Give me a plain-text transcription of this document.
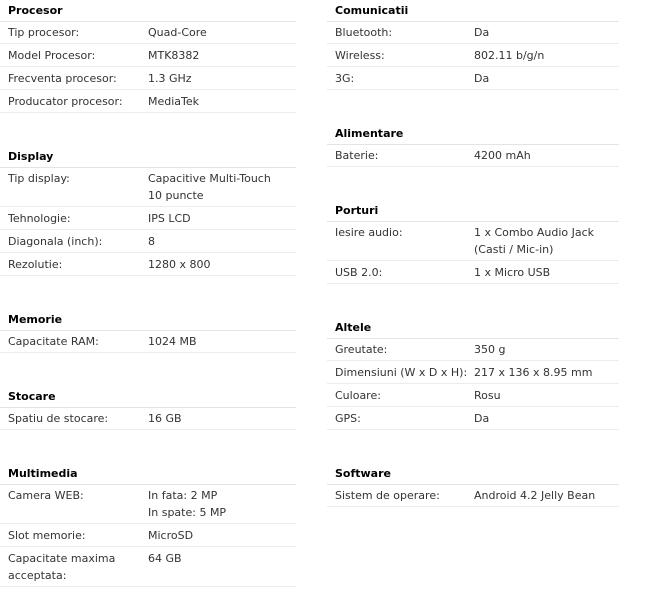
Procesor
Tip procesor:	Quad-Core
Model Procesor:	MTK8382
Frecventa procesor:	1.3 GHz
Producator procesor:	MediaTek
Display
Tip display:	Capacitive Multi-Touch
10 puncte
Tehnologie:	IPS LCD
Diagonala (inch):	8
Rezolutie:	1280 x 800
Memorie
Capacitate RAM:	1024 MB
Stocare
Spatiu de stocare:	16 GB
Multimedia
Camera WEB:	In fata: 2 MP
In spate: 5 MP
Slot memorie:	MicroSD
Capacitate maxima acceptata:
64 GB
Comunicatii
Bluetooth:	Da
Wireless:	802.11 b/g/n
3G:	Da
Alimentare
Baterie:	4200 mAh
Porturi
Iesire audio:	1 x Combo Audio Jack
(Casti / Mic-in)
USB 2.0:	1 x Micro USB
Altele
Greutate:	350 g
Dimensiuni (W x D x H): 217 x 136 x 8.95 mm
Culoare:	Rosu
GPS:	Da
Software
Sistem de operare:	Android 4.2 Jelly Bean
